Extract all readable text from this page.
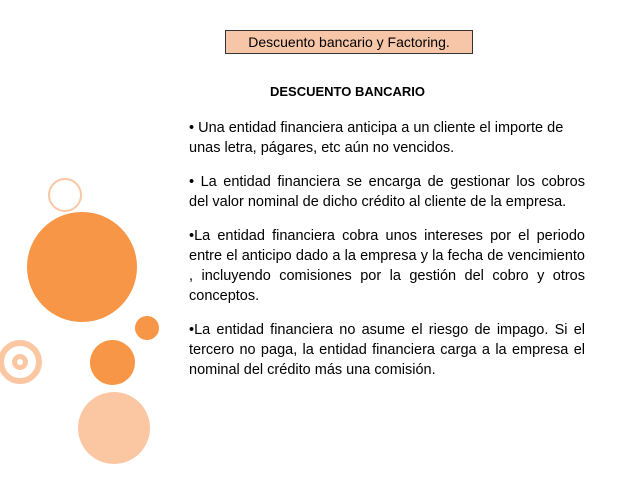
Descuento bancario y Factoring.
DESCUENTO BANCARIO

• Una entidad financiera anticipa a un cliente el importe de unas letra, págares, etc aún no vencidos.

• La entidad financiera se encarga de gestionar los cobros del valor nominal de dicho crédito al cliente de la empresa.

•La entidad financiera cobra unos intereses por el periodo entre el anticipo dado a la empresa y la fecha de vencimiento , incluyendo comisiones por la gestión del cobro y otros conceptos.

•La entidad financiera no asume el riesgo de impago. Si el tercero no paga, la entidad financiera carga a la empresa el nominal del crédito más una comisión.
